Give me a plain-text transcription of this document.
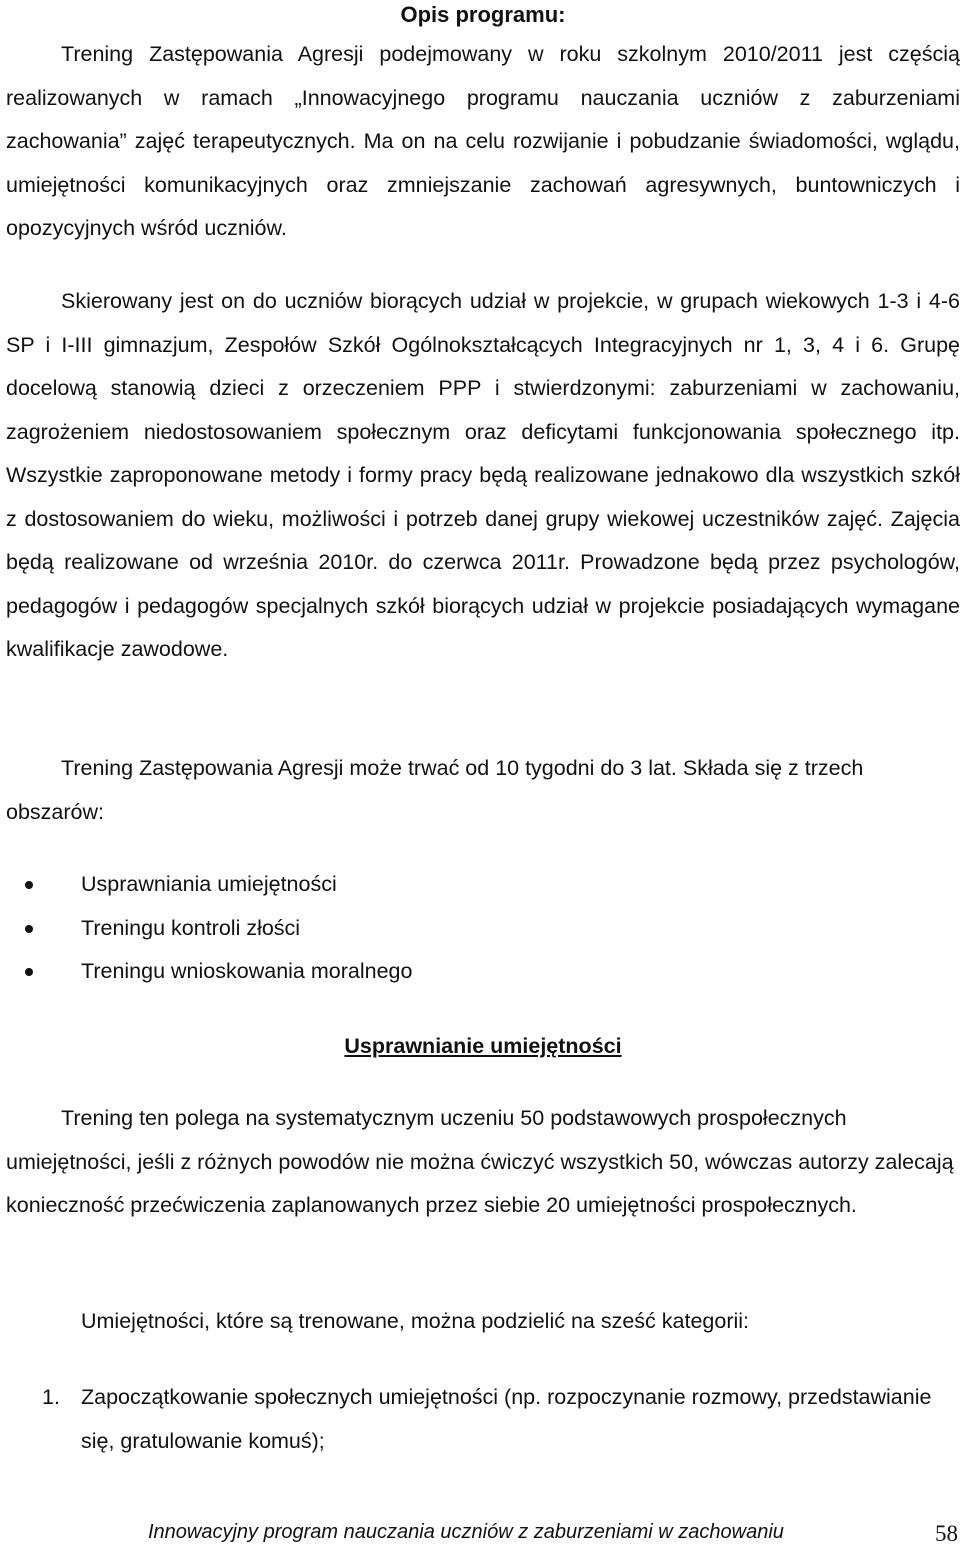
Opis programu:

Trening Zastępowania Agresji podejmowany w roku szkolnym 2010/2011 jest częścią realizowanych w ramach „Innowacyjnego programu nauczania uczniów z zaburzeniami zachowania” zajęć terapeutycznych. Ma on na celu rozwijanie i pobudzanie świadomości, wglądu, umiejętności komunikacyjnych oraz zmniejszanie zachowań agresywnych, buntowniczych i opozycyjnych wśród uczniów.

Skierowany jest on do uczniów biorących udział w projekcie, w grupach wiekowych 1-3 i 4-6 SP i I-III gimnazjum, Zespołów Szkół Ogólnokształcących Integracyjnych nr 1, 3, 4 i 6. Grupę docelową stanowią dzieci z orzeczeniem PPP i stwierdzonymi: zaburzeniami w zachowaniu, zagrożeniem niedostosowaniem społecznym oraz deficytami funkcjonowania społecznego itp. Wszystkie zaproponowane metody i formy pracy będą realizowane jednakowo dla wszystkich szkół z dostosowaniem do wieku, możliwości i potrzeb danej grupy wiekowej uczestników zajęć. Zajęcia będą realizowane od września 2010r. do czerwca 2011r. Prowadzone będą przez psychologów, pedagogów i pedagogów specjalnych szkół biorących udział w projekcie posiadających wymagane kwalifikacje zawodowe.

Trening Zastępowania Agresji może trwać od 10 tygodni do 3 lat. Składa się z trzech obszarów:

Usprawniania umiejętności
Treningu kontroli złości
Treningu wnioskowania moralnego
Usprawnianie umiejętności

Trening ten polega na systematycznym uczeniu 50 podstawowych prospołecznych umiejętności, jeśli z różnych powodów nie można ćwiczyć wszystkich 50, wówczas autorzy zalecają konieczność przećwiczenia zaplanowanych przez siebie 20 umiejętności prospołecznych.

Umiejętności, które są trenowane, można podzielić na sześć kategorii:

1. Zapoczątkowanie społecznych umiejętności (np. rozpoczynanie rozmowy, przedstawianie się, gratulowanie komuś);
Innowacyjny program nauczania uczniów z zaburzeniami w zachowaniu	58
